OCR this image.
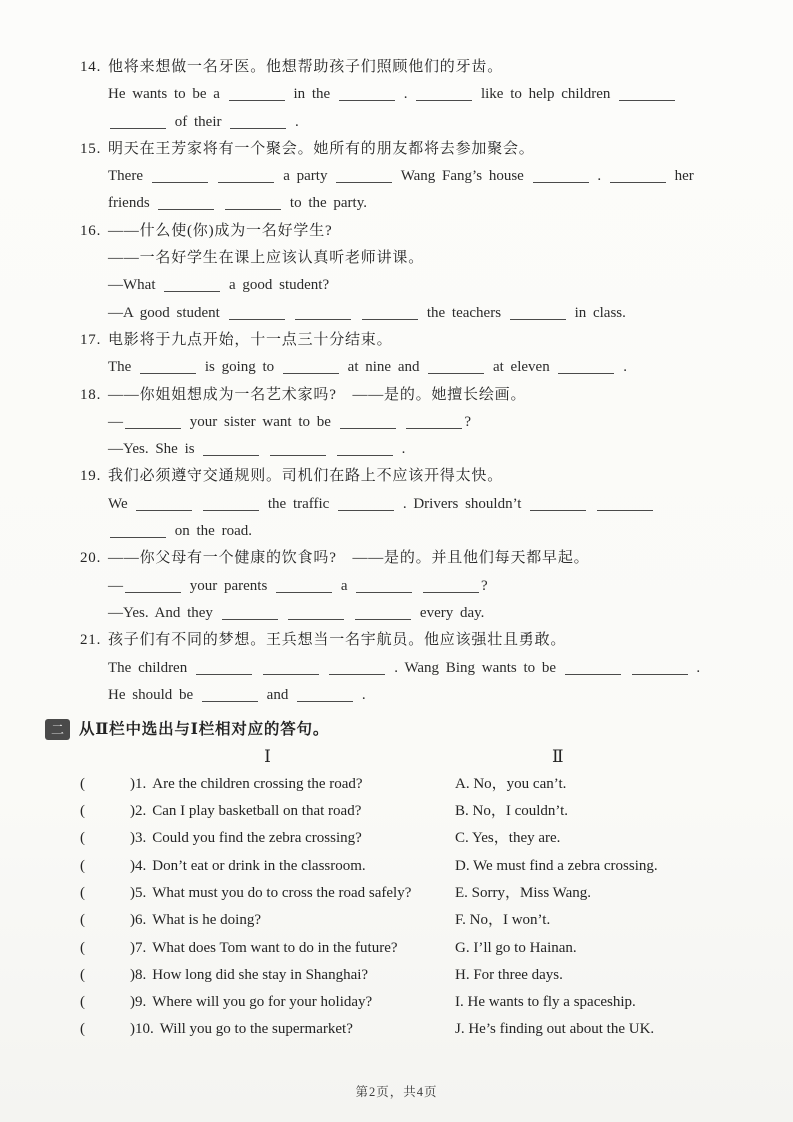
14. 他将来想做一名牙医。他想帮助孩子们照顾他们的牙齿。
He wants to be a	in the	.	like to help children
of their	.
15. 明天在王芳家将有一个聚会。她所有的朋友都将去参加聚会。
There	a party	Wang Fang’s house	.	her
friends	to the party.
16. ——什么使(你)成为一名好学生?
——一名好学生在课上应该认真听老师讲课。
—What	a good student?
—A good student	the teachers	in class.
17. 电影将于九点开始，十一点三十分结束。
The	is going to	at nine and	at eleven	.
18. ——你姐姐想成为一名艺术家吗?　——是的。她擅长绘画。
—	your sister want to be	?
—Yes. She is	.
19. 我们必须遵守交通规则。司机们在路上不应该开得太快。
We	the traffic	. Drivers shouldn’t
on the road.
20. ——你父母有一个健康的饮食吗?　——是的。并且他们每天都早起。
—	your parents	a	?
—Yes. And they	every day.
21. 孩子们有不同的梦想。王兵想当一名宇航员。他应该强壮且勇敢。
The children	. Wang Bing wants to be	.
He should be	and	.
二 从Ⅱ栏中选出与Ⅰ栏相对应的答句。
Ⅰ	Ⅱ
(	)1. Are the children crossing the road?	A. No，you can’t.
(	)2. Can I play basketball on that road?	B. No，I couldn’t.
(	)3. Could you find the zebra crossing?	C. Yes，they are.
(	)4. Don’t eat or drink in the classroom.	D. We must find a zebra crossing.
(	)5. What must you do to cross the road safely?	E. Sorry，Miss Wang.
(	)6. What is he doing?	F. No，I won’t.
(	)7. What does Tom want to do in the future?	G. I’ll go to Hainan.
(	)8. How long did she stay in Shanghai?	H. For three days.
(	)9. Where will you go for your holiday?	I. He wants to fly a spaceship.
(	)10. Will you go to the supermarket?	J. He’s finding out about the UK.
第2页，共4页
